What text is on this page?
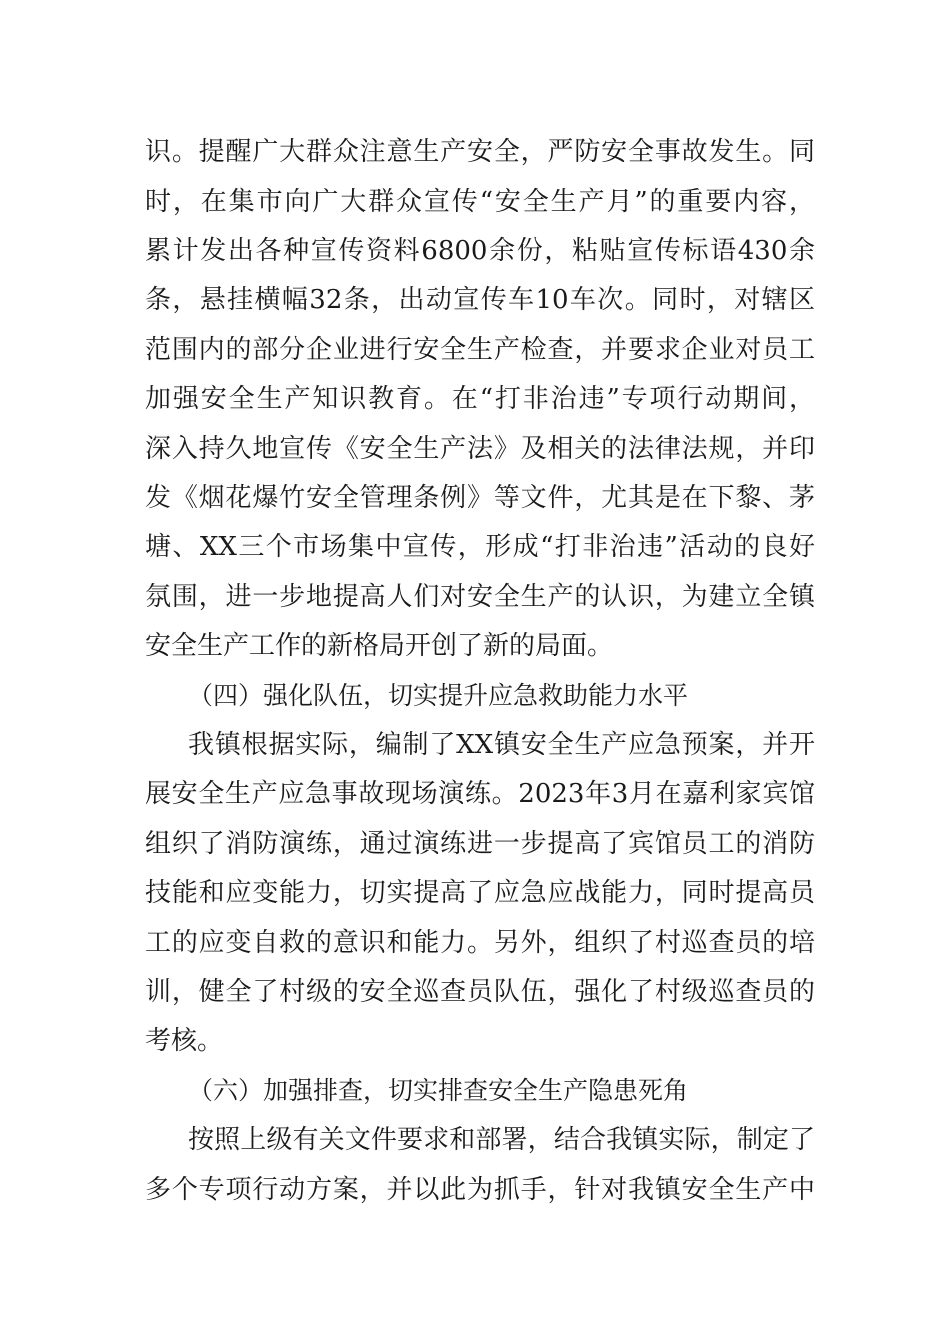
识。提醒广大群众注意生产安全，严防安全事故发生。同
时，在集市向广大群众宣传“安全生产月”的重要内容，
累计发出各种宣传资料6800余份，粘贴宣传标语430余
条，悬挂横幅32条，出动宣传车10车次。同时，对辖区
范围内的部分企业进行安全生产检查，并要求企业对员工
加强安全生产知识教育。在“打非治违”专项行动期间，
深入持久地宣传《安全生产法》及相关的法律法规，并印
发《烟花爆竹安全管理条例》等文件，尤其是在下黎、茅
塘、XX三个市场集中宣传，形成“打非治违”活动的良好
氛围，进一步地提高人们对安全生产的认识，为建立全镇
安全生产工作的新格局开创了新的局面。
（四）强化队伍，切实提升应急救助能力水平
我镇根据实际，编制了XX镇安全生产应急预案，并开
展安全生产应急事故现场演练。2023年3月在嘉利家宾馆
组织了消防演练，通过演练进一步提高了宾馆员工的消防
技能和应变能力，切实提高了应急应战能力，同时提高员
工的应变自救的意识和能力。另外，组织了村巡查员的培
训，健全了村级的安全巡查员队伍，强化了村级巡查员的
考核。
（六）加强排查，切实排查安全生产隐患死角
按照上级有关文件要求和部署，结合我镇实际，制定了
多个专项行动方案，并以此为抓手，针对我镇安全生产中
